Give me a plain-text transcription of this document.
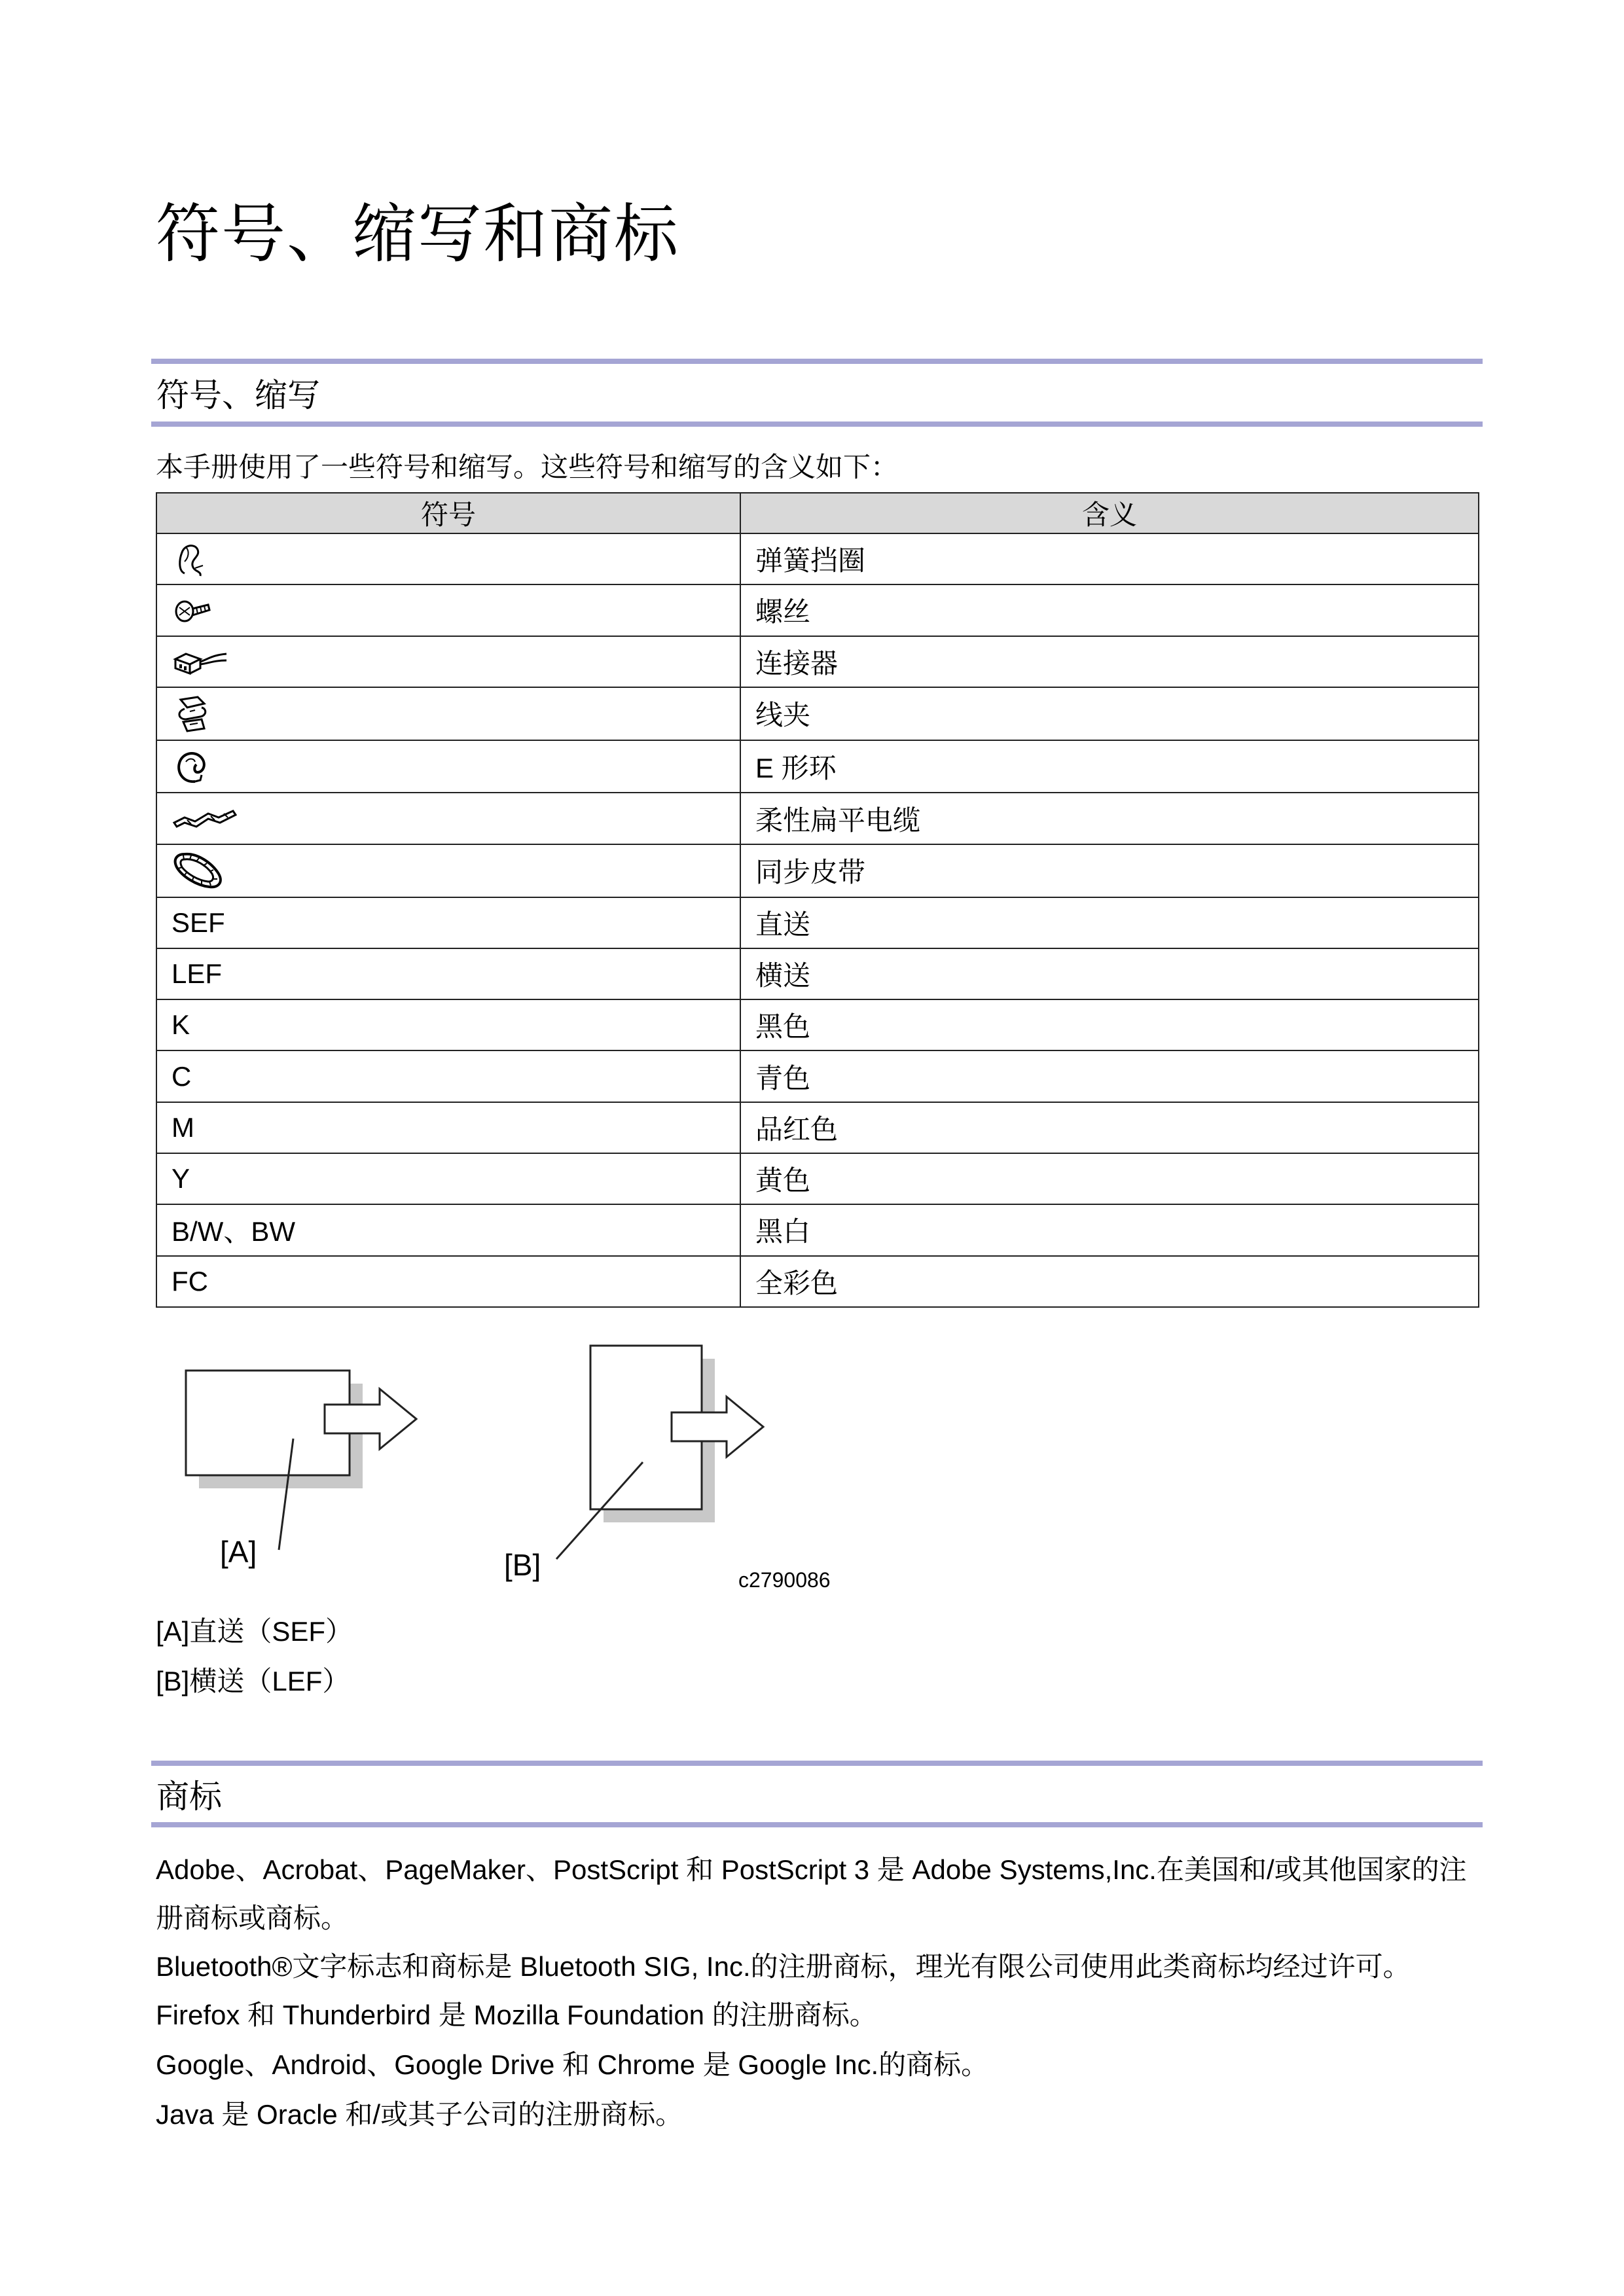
符号、缩写和商标
符号、缩写
本手册使用了一些符号和缩写。这些符号和缩写的含义如下：
符号	含义

	弹簧挡圈

	螺丝

	连接器

	线夹

	E 形环

	柔性扁平电缆

	同步皮带
SEF	直送
LEF	横送
K	黑色
C	青色
M	品红色
Y	黄色
B/W、BW	黑白
FC	全彩色
[A]	[B]	c2790086
[A]直送（SEF）
[B]横送（LEF）
商标
Adobe、Acrobat、PageMaker、PostScript 和 PostScript 3 是 Adobe Systems,Inc.在美国和/或其他国家的注册商标或商标。
Bluetooth®文字标志和商标是 Bluetooth SIG, Inc.的注册商标，理光有限公司使用此类商标均经过许可。
Firefox 和 Thunderbird 是 Mozilla Foundation 的注册商标。
Google、Android、Google Drive 和 Chrome 是 Google Inc.的商标。
Java 是 Oracle 和/或其子公司的注册商标。
